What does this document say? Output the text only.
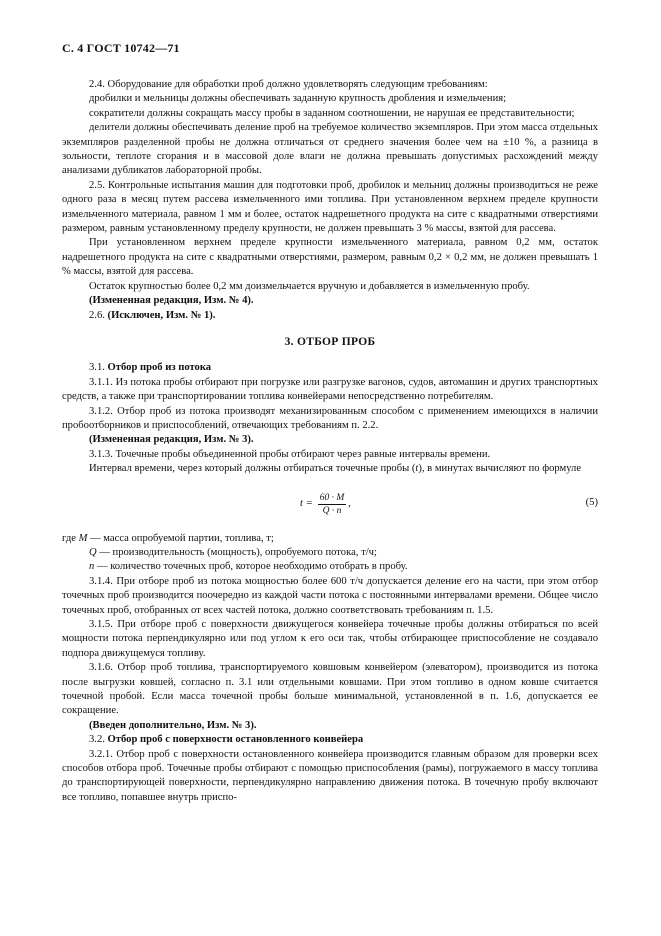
С. 4 ГОСТ 10742—71

2.4. Оборудование для обработки проб должно удовлетворять следующим требованиям:

дробилки и мельницы должны обеспечивать заданную крупность дробления и измельчения;

сократители должны сокращать массу пробы в заданном соотношении, не нарушая ее представительности;

делители должны обеспечивать деление проб на требуемое количество экземпляров. При этом масса отдельных экземпляров разделенной пробы не должна отличаться от среднего значения более чем на ±10 %, а разница в зольности, теплоте сгорания и в массовой доле влаги не должна превышать допустимых расхождений между анализами дубликатов лабораторной пробы.

2.5. Контрольные испытания машин для подготовки проб, дробилок и мельниц должны производиться не реже одного раза в месяц путем рассева измельченного ими топлива. При установленном верхнем пределе крупности измельченного материала, равном 1 мм и более, остаток надрешетного продукта на сите с квадратными отверстиями размером, равным установленному пределу крупности, не должен превышать 3 % массы, взятой для рассева.

При установленном верхнем пределе крупности измельченного материала, равном 0,2 мм, остаток надрешетного продукта на сите с квадратными отверстиями, размером, равным 0,2 × 0,2 мм, не должен превышать 1 % массы, взятой для рассева.

Остаток крупностью более 0,2 мм доизмельчается вручную и добавляется в измельченную пробу.

(Измененная редакция, Изм. № 4).

2.6. (Исключен, Изм. № 1).

3. ОТБОР ПРОБ

3.1. Отбор проб из потока

3.1.1. Из потока пробы отбирают при погрузке или разгрузке вагонов, судов, автомашин и других транспортных средств, а также при транспортировании топлива конвейерами непосредственно потребителям.

3.1.2. Отбор проб из потока производят механизированным способом с применением имеющихся в наличии пробоотборников и приспособлений, отвечающих требованиям п. 2.2.

(Измененная редакция, Изм. № 3).

3.1.3. Точечные пробы объединенной пробы отбирают через равные интервалы времени.

Интервал времени, через который должны отбираться точечные пробы (t), в минутах вычисляют по формуле

$t = \frac{60 \cdot M}{Q \cdot n}$ ,	(5)

где M — масса опробуемой партии, топлива, т;

Q — производительность (мощность), опробуемого потока, т/ч;

n — количество точечных проб, которое необходимо отобрать в пробу.

3.1.4. При отборе проб из потока мощностью более 600 т/ч допускается деление его на части, при этом отбор точечных проб производится поочередно из каждой части потока с постоянными интервалами времени. Общее число точечных проб, отобранных от всех частей потока, должно соответствовать требованиям п. 1.5.

3.1.5. При отборе проб с поверхности движущегося конвейера точечные пробы должны отбираться по всей мощности потока перпендикулярно или под углом к его оси так, чтобы отбирающее приспособление не создавало подпора движущемуся топливу.

3.1.6. Отбор проб топлива, транспортируемого ковшовым конвейером (элеватором), производится из потока после выгрузки ковшей, согласно п. 3.1 или отдельными ковшами. При этом топливо в одном ковше считается точечной пробой. Если масса точечной пробы больше минимальной, установленной в п. 1.6, допускается ее сокращение.

(Введен дополнительно, Изм. № 3).

3.2. Отбор проб с поверхности остановленного конвейера

3.2.1. Отбор проб с поверхности остановленного конвейера производится главным образом для проверки всех способов отбора проб. Точечные пробы отбирают с помощью приспособления (рамы), погружаемого в массу топлива до транспортирующей поверхности, перпендикулярно направлению движения потока. В точечную пробу включают все топливо, попавшее внутрь приспо-
